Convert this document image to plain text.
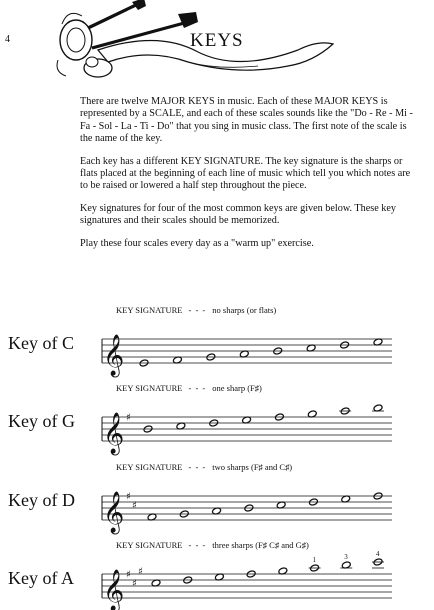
4	KEYS

There are twelve MAJOR KEYS in music. Each of these MAJOR KEYS is represented by a SCALE, and each of these scales sounds like the "Do - Re - Mi - Fa - Sol - La - Ti - Do" that you sing in music class. The first note of the scale is the name of the key.

Each key has a different KEY SIGNATURE. The key signature is the sharps or flats placed at the beginning of each line of music which tell you which notes are to be raised or lowered a half step throughout the piece.

Key signatures for four of the most common keys are given below. These key signatures and their scales should be memorized.

Play these four scales every day as a "warm up" exercise.

KEY SIGNATURE - - - no sharps (or flats)
Key of C 𝄞
KEY SIGNATURE - - - one sharp (F♯)
Key of G 𝄞 ♯
KEY SIGNATURE - - - two sharps (F♯ and C♯)
Key of D 𝄞 ♯
♯
KEY SIGNATURE - - - three sharps (F♯ C♯ and G♯)
Key of A 𝄞 ♯
♯
♯
1	3	4
